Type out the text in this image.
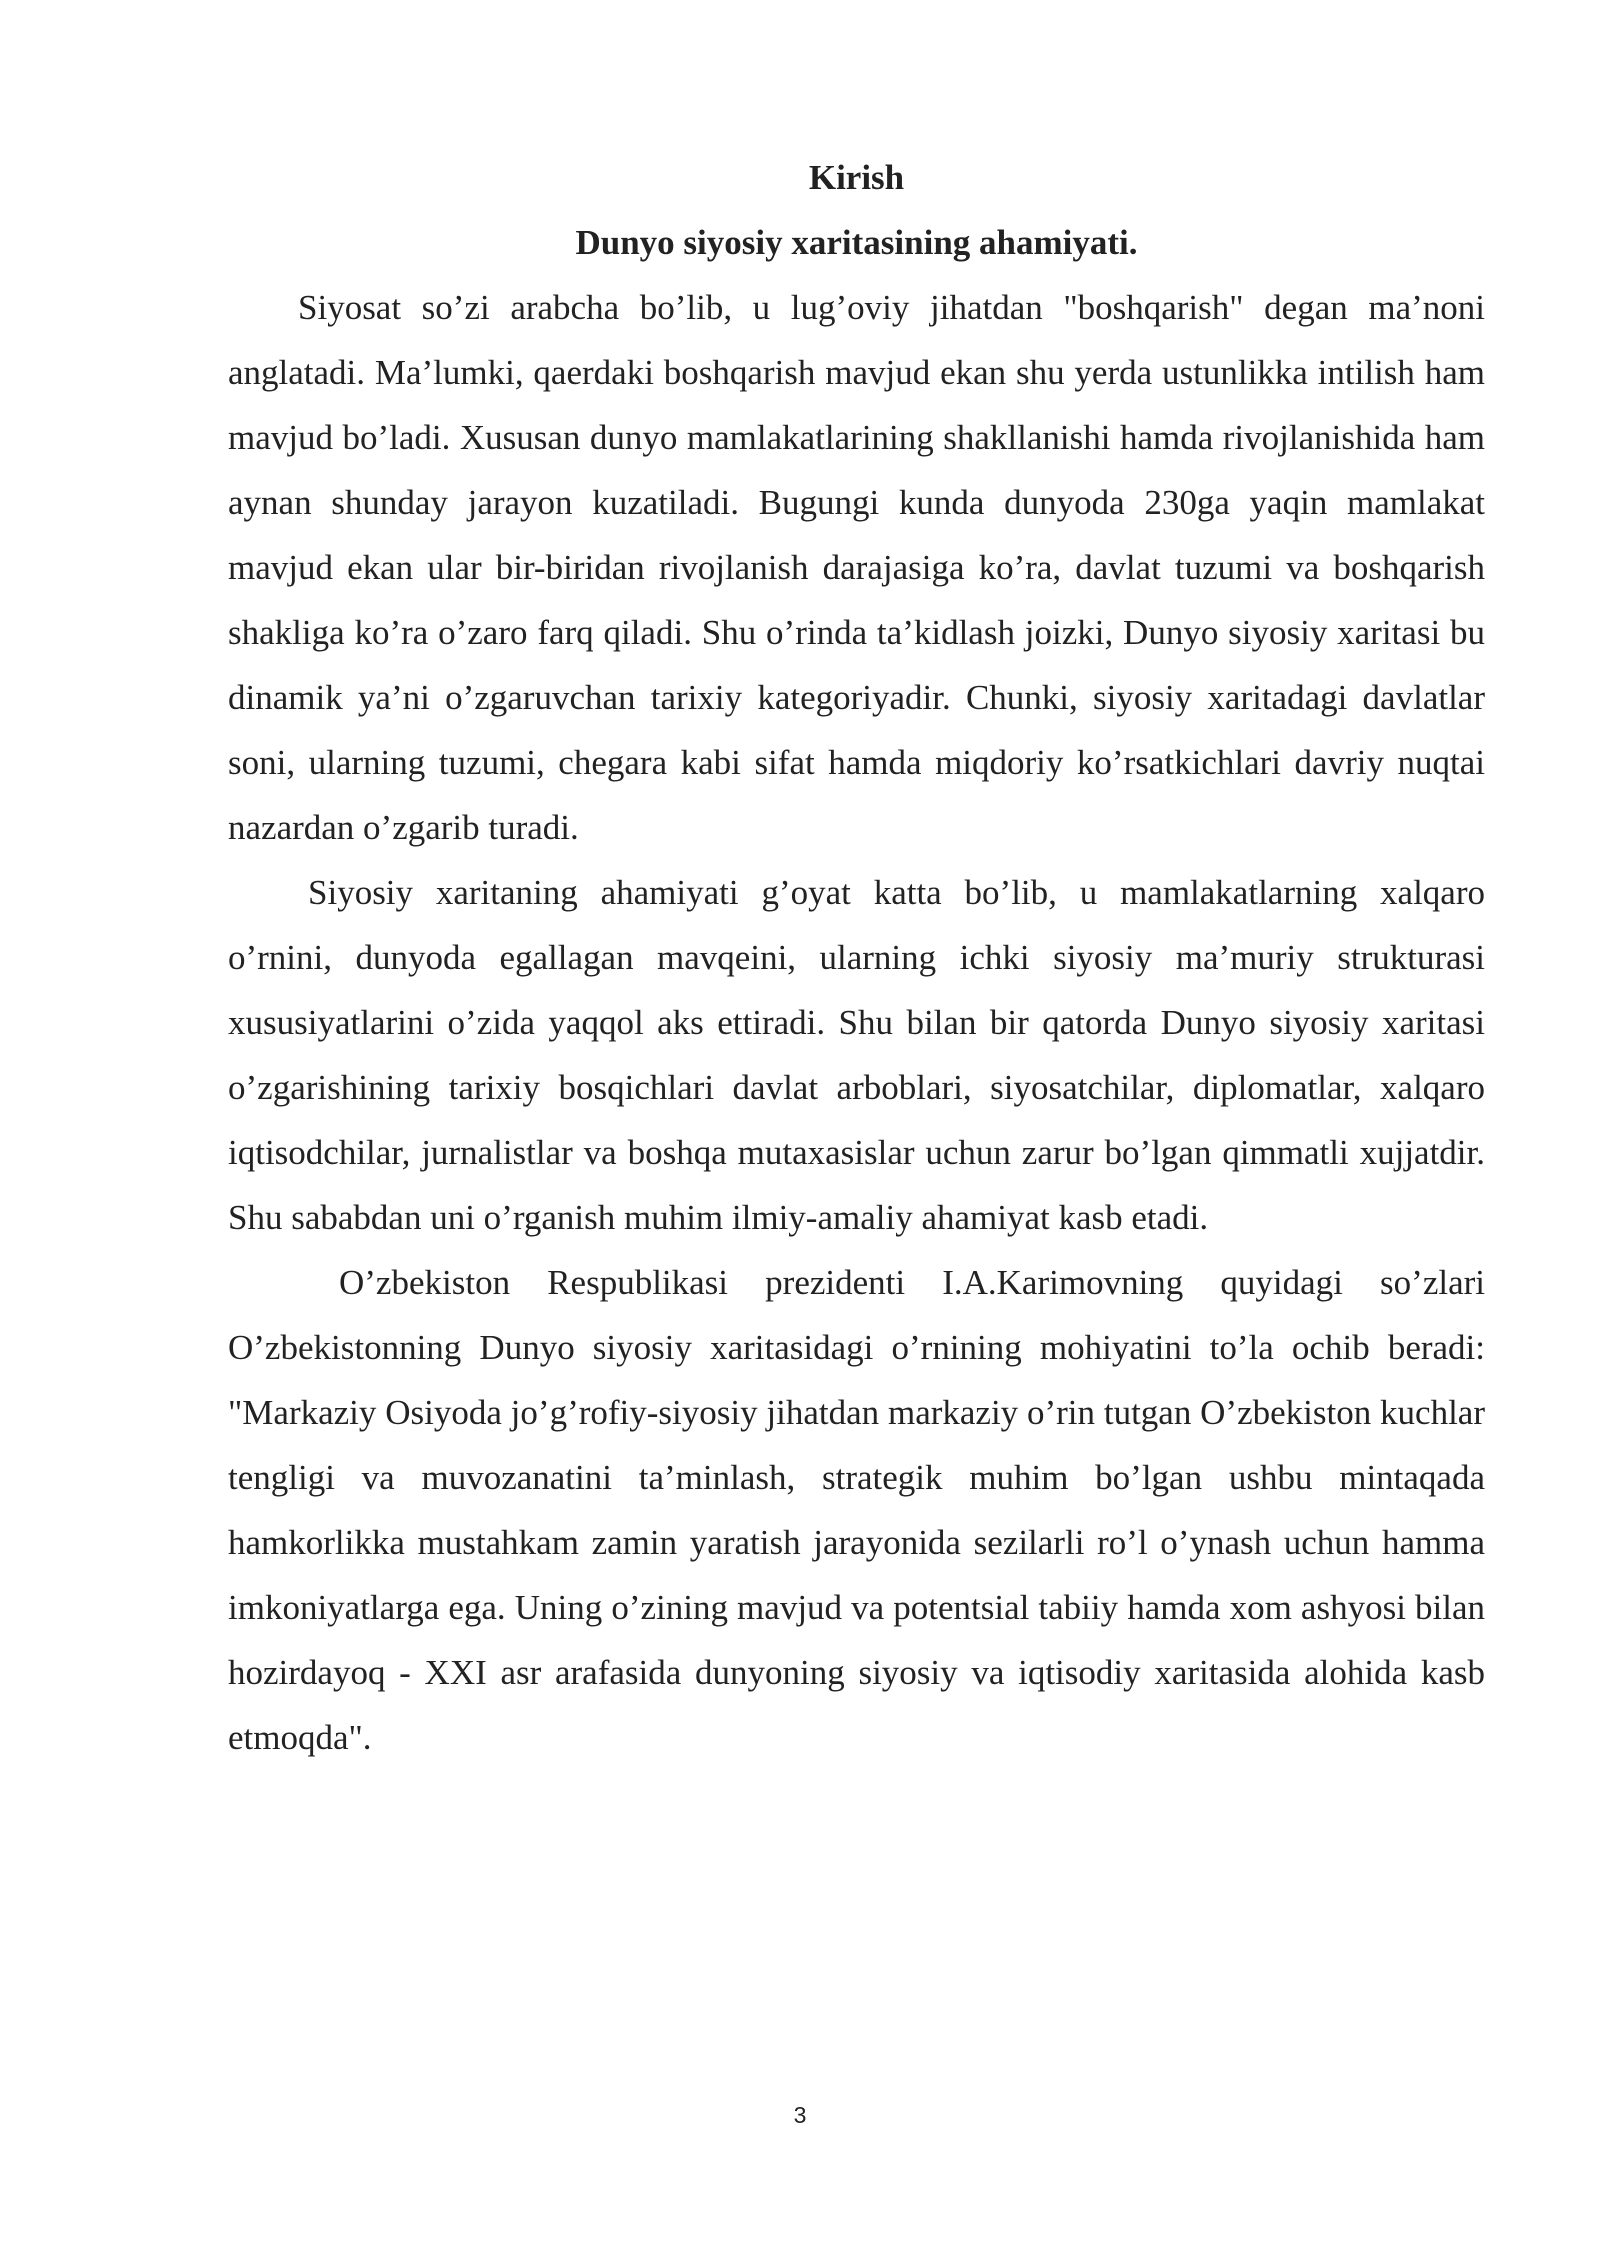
Kirish
Dunyo siyosiy xaritasining ahamiyati.

Siyosat so’zi arabcha bo’lib, u lug’oviy jihatdan "boshqarish" degan ma’noni anglatadi. Ma’lumki, qaerdaki boshqarish mavjud ekan shu yerda ustunlikka intilish ham mavjud bo’ladi. Xususan dunyo mamlakatlarining shakllanishi hamda rivojlanishida ham aynan shunday jarayon kuzatiladi. Bugungi kunda dunyoda 230ga yaqin mamlakat mavjud ekan ular bir-biridan rivojlanish darajasiga ko’ra, davlat tuzumi va boshqarish shakliga ko’ra o’zaro farq qiladi. Shu o’rinda ta’kidlash joizki, Dunyo siyosiy xaritasi bu dinamik ya’ni o’zgaruvchan tarixiy kategoriyadir. Chunki, siyosiy xaritadagi davlatlar soni, ularning tuzumi, chegara kabi sifat hamda miqdoriy ko’rsatkichlari davriy nuqtai nazardan o’zgarib turadi.

Siyosiy xaritaning ahamiyati g’oyat katta bo’lib, u mamlakatlarning xalqaro o’rnini, dunyoda egallagan mavqeini, ularning ichki siyosiy ma’muriy strukturasi xususiyatlarini o’zida yaqqol aks ettiradi. Shu bilan bir qatorda Dunyo siyosiy xaritasi o’zgarishining tarixiy bosqichlari davlat arboblari, siyosatchilar, diplomatlar, xalqaro iqtisodchilar, jurnalistlar va boshqa mutaxasislar uchun zarur bo’lgan qimmatli xujjatdir. Shu sababdan uni o’rganish muhim ilmiy-amaliy ahamiyat kasb etadi.

O’zbekiston Respublikasi prezidenti I.A.Karimovning quyidagi so’zlari O’zbekistonning Dunyo siyosiy xaritasidagi o’rnining mohiyatini to’la ochib beradi: "Markaziy Osiyoda jo’g’rofiy-siyosiy jihatdan markaziy o’rin tutgan O’zbekiston kuchlar tengligi va muvozanatini ta’minlash, strategik muhim bo’lgan ushbu mintaqada hamkorlikka mustahkam zamin yaratish jarayonida sezilarli ro’l o’ynash uchun hamma imkoniyatlarga ega. Uning o’zining mavjud va potentsial tabiiy hamda xom ashyosi bilan hozirdayoq - XXI asr arafasida dunyoning siyosiy va iqtisodiy xaritasida alohida kasb etmoqda".

3
